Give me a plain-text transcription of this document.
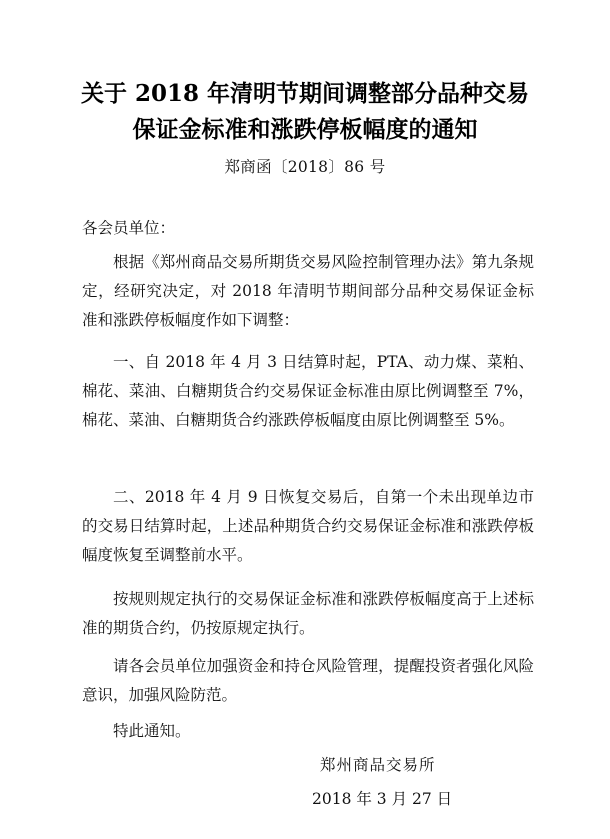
关于 2018 年清明节期间调整部分品种交易
保证金标准和涨跌停板幅度的通知
郑商函〔2018〕86 号
各会员单位：
根据《郑州商品交易所期货交易风险控制管理办法》第九条规定，经研究决定，对 2018 年清明节期间部分品种交易保证金标准和涨跌停板幅度作如下调整：
一、自 2018 年 4 月 3 日结算时起，PTA、动力煤、菜粕、棉花、菜油、白糖期货合约交易保证金标准由原比例调整至 7%，棉花、菜油、白糖期货合约涨跌停板幅度由原比例调整至 5%。
二、2018 年 4 月 9 日恢复交易后，自第一个未出现单边市的交易日结算时起，上述品种期货合约交易保证金标准和涨跌停板幅度恢复至调整前水平。
按规则规定执行的交易保证金标准和涨跌停板幅度高于上述标准的期货合约，仍按原规定执行。
请各会员单位加强资金和持仓风险管理，提醒投资者强化风险意识，加强风险防范。
特此通知。
郑州商品交易所
2018 年 3 月 27 日
